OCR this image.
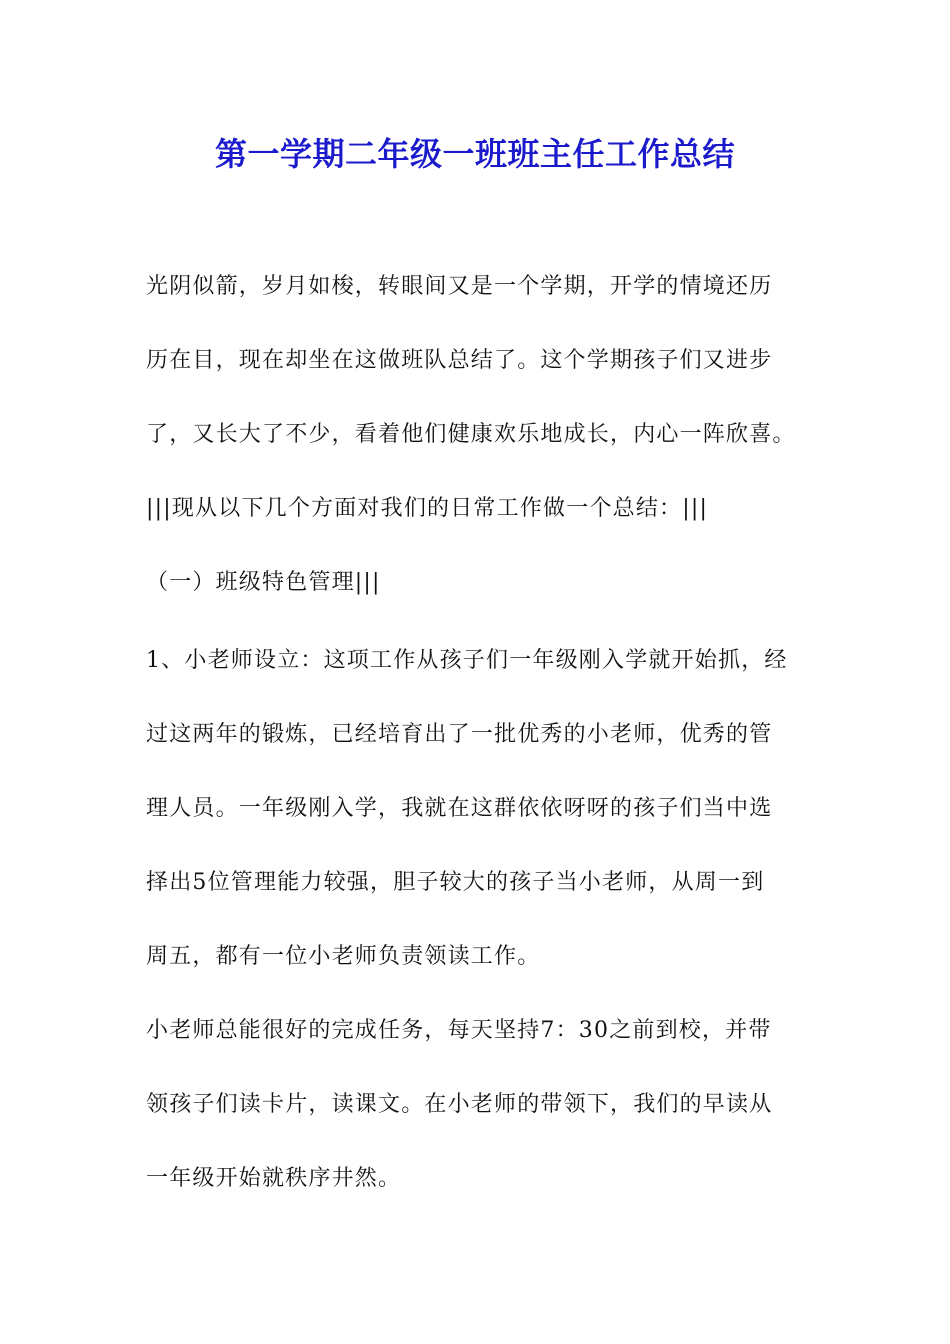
第一学期二年级一班班主任工作总结
光阴似箭，岁月如梭，转眼间又是一个学期，开学的情境还历
历在目，现在却坐在这做班队总结了。这个学期孩子们又进步
了，又长大了不少，看着他们健康欢乐地成长，内心一阵欣喜。
|||现从以下几个方面对我们的日常工作做一个总结：|||
（一）班级特色管理|||
1、小老师设立：这项工作从孩子们一年级刚入学就开始抓，经
过这两年的锻炼，已经培育出了一批优秀的小老师，优秀的管
理人员。一年级刚入学，我就在这群依依呀呀的孩子们当中选
择出5位管理能力较强，胆子较大的孩子当小老师，从周一到
周五，都有一位小老师负责领读工作。
小老师总能很好的完成任务，每天坚持7：30之前到校，并带
领孩子们读卡片，读课文。在小老师的带领下，我们的早读从
一年级开始就秩序井然。
